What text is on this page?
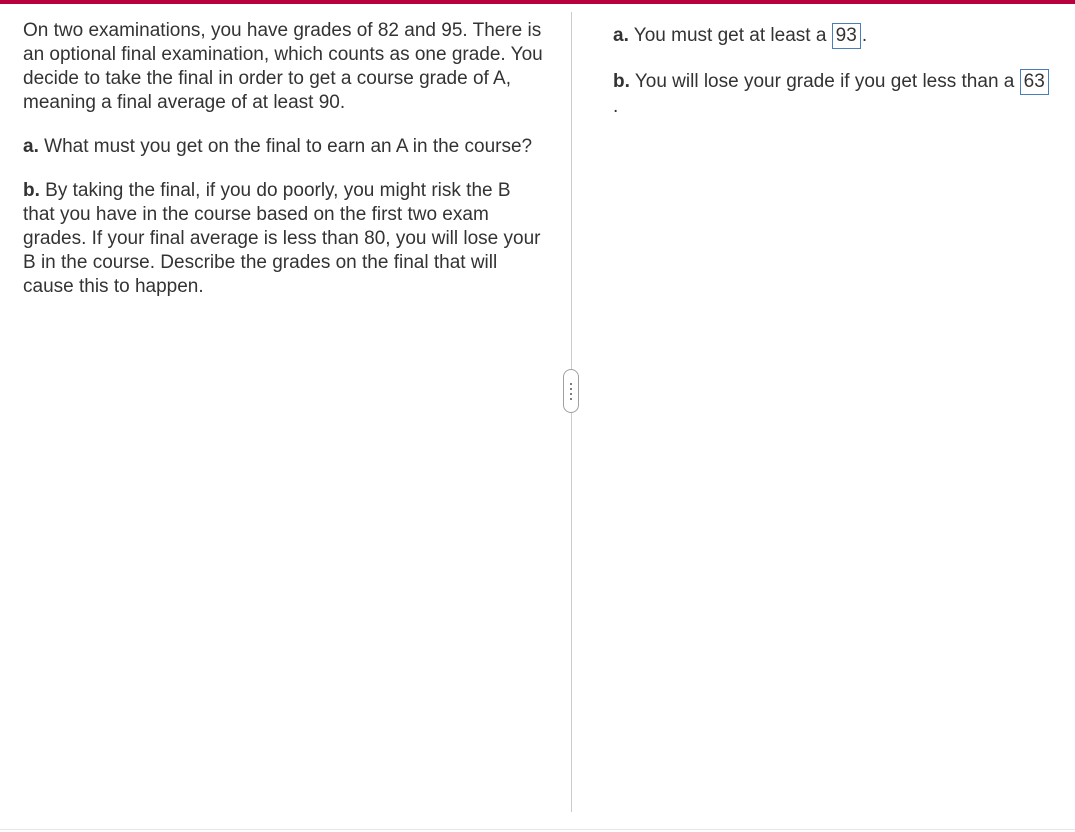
On two examinations, you have grades of 82 and 95. There is an optional final examination, which counts as one grade. You decide to take the final in order to get a course grade of A, meaning a final average of at least 90.

a. What must you get on the final to earn an A in the course?

b. By taking the final, if you do poorly, you might risk the B that you have in the course based on the first two exam grades. If your final average is less than 80, you will lose your B in the course. Describe the grades on the final that will cause this to happen.

a. You must get at least a 93 .

b. You will lose your grade if you get less than a 63.
